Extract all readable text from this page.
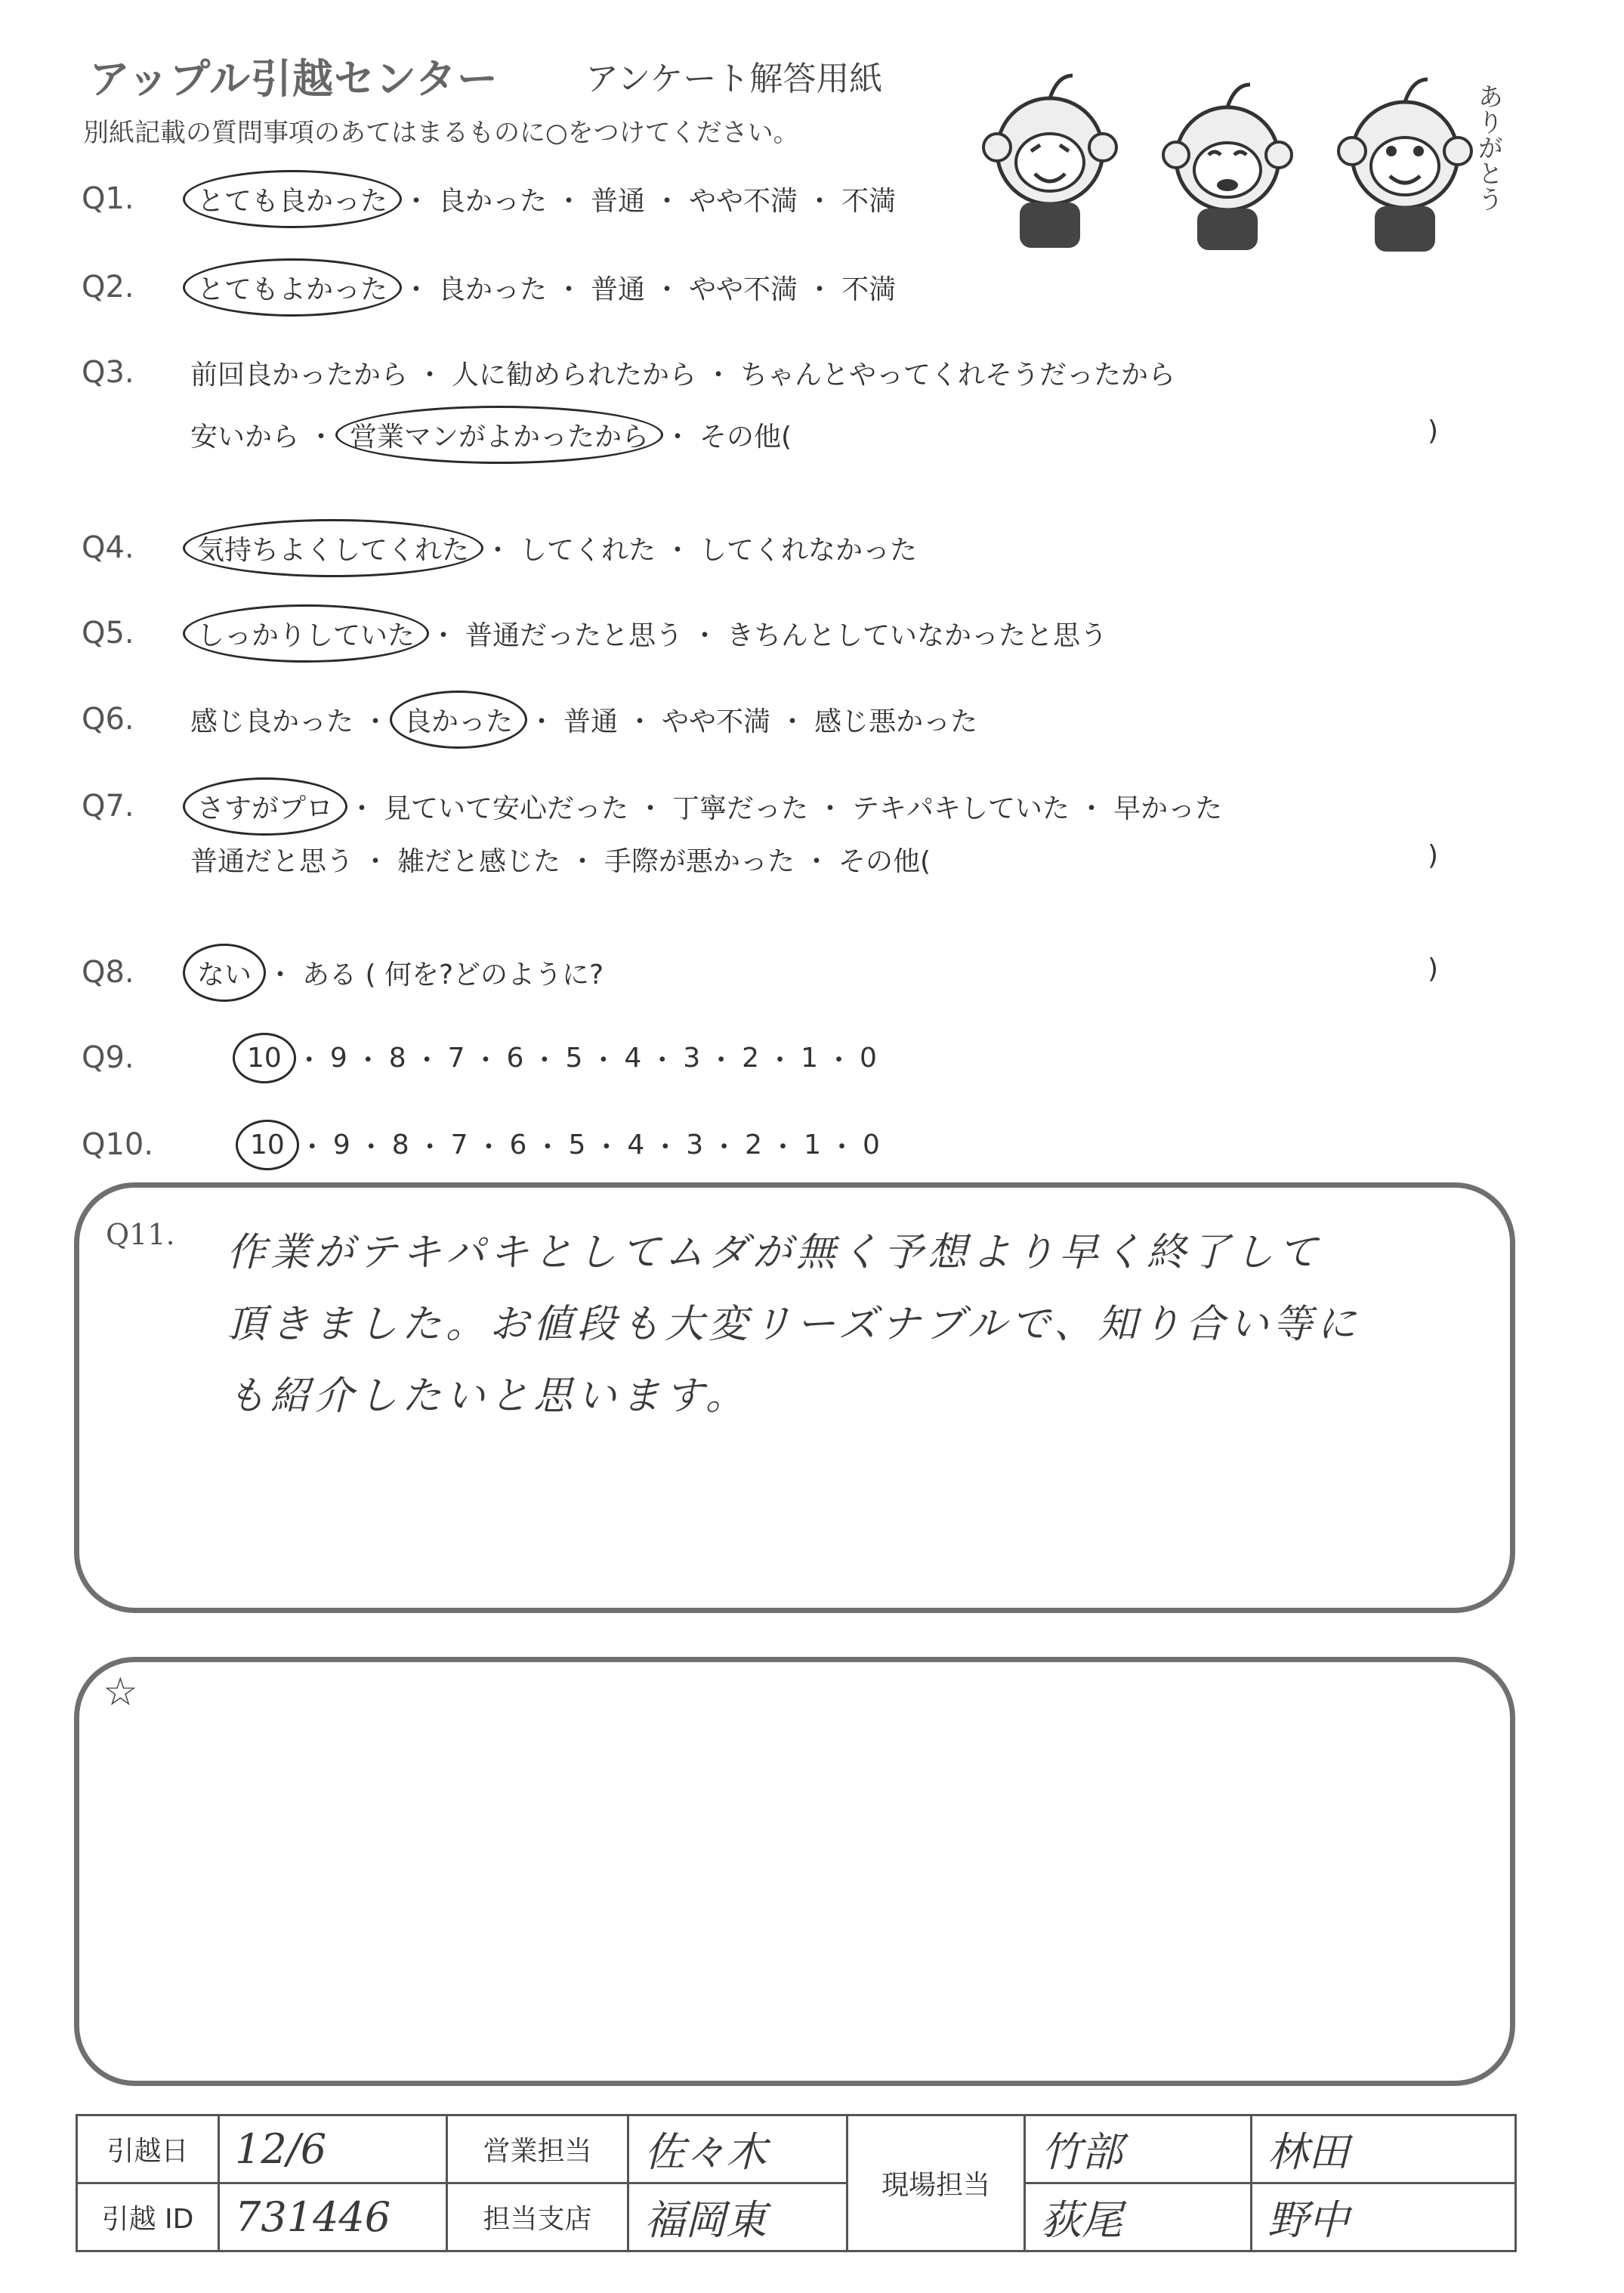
アップル引越センター	アンケート解答用紙
別紙記載の質問事項のあてはまるものに○をつけてください。	ありがとう
Q1.	とても良かった ・ 良かった ・ 普通 ・ やや不満 ・ 不満
Q2.	とてもよかった ・ 良かった ・ 普通 ・ やや不満 ・ 不満
Q3. 前回良かったから ・ 人に勧められたから ・ ちゃんとやってくれそうだったから
安いから ・ 営業マンがよかったから ・ その他(	)
Q4.	気持ちよくしてくれた ・ してくれた ・ してくれなかった
Q5.	しっかりしていた ・ 普通だったと思う ・ きちんとしていなかったと思う
Q6. 感じ良かった ・ 良かった ・ 普通 ・ やや不満 ・ 感じ悪かった
Q7.	さすがプロ ・ 見ていて安心だった ・ 丁寧だった ・ テキパキしていた ・ 早かった
普通だと思う ・ 雑だと感じた ・ 手際が悪かった ・ その他(	)
Q8.	ない ・ ある ( 何を?どのように?	)
Q9.	10 ・ 9 ・ 8 ・ 7 ・ 6 ・ 5 ・ 4 ・ 3 ・ 2 ・ 1 ・ 0
Q10.	10 ・ 9 ・ 8 ・ 7 ・ 6 ・ 5 ・ 4 ・ 3 ・ 2 ・ 1 ・ 0
Q11. 作業がテキパキとしてムダが無く予想より早く終了して
頂きました。お値段も大変リーズナブルで、知り合い等に
も紹介したいと思います。
☆
引越日	12/6	営業担当	佐々木	現場担当	竹部	林田
引越 ID	731446	担当支店	福岡東		荻尾	野中
